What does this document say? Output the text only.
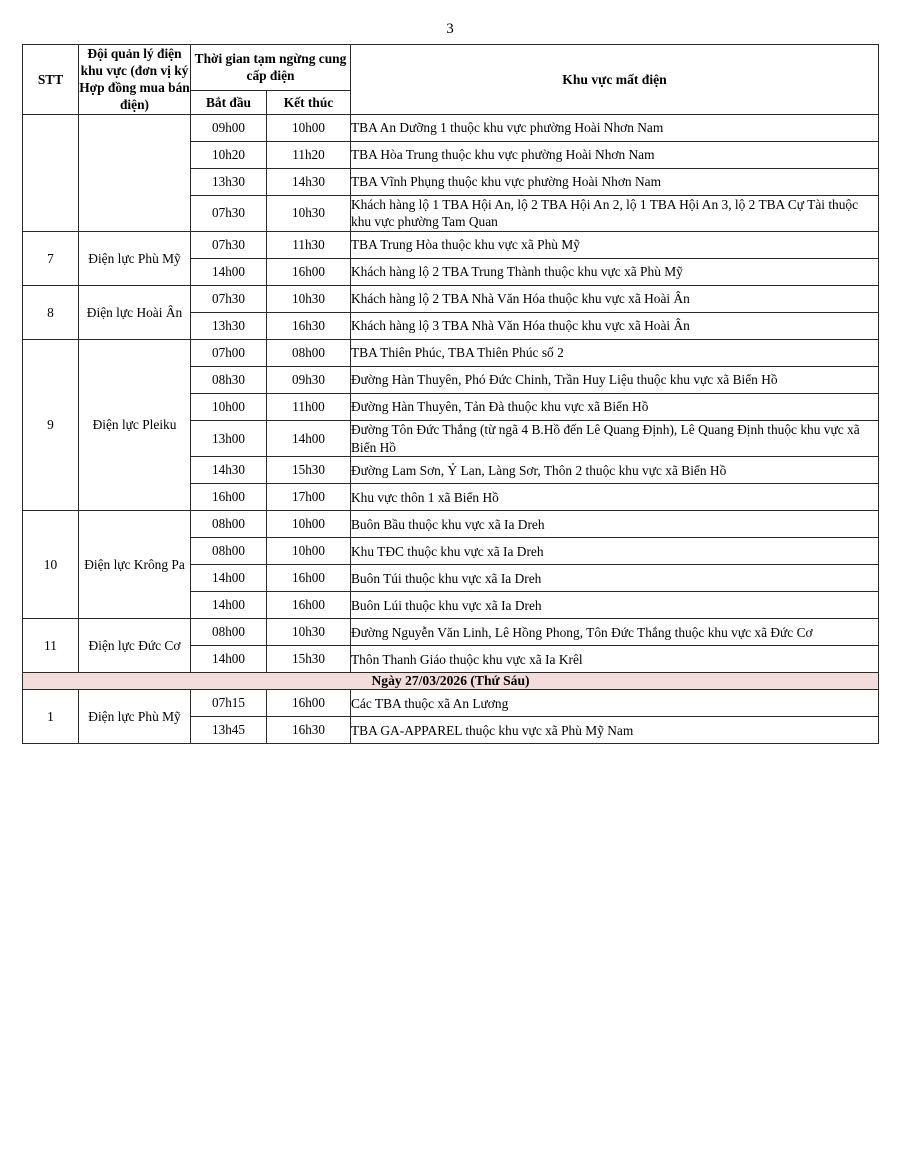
3
STT	Đội quản lý điện khu vực (đơn vị ký Hợp đồng mua bán điện)	Thời gian tạm ngừng cung cấp điện		Khu vực mất điện
		Bắt đầu	Kết thúc	
		09h00	10h00	TBA An Dưỡng 1 thuộc khu vực phường Hoài Nhơn Nam
		10h20	11h20	TBA Hòa Trung thuộc khu vực phường Hoài Nhơn Nam
		13h30	14h30	TBA Vĩnh Phụng thuộc khu vực phường Hoài Nhơn Nam
		07h30	10h30	Khách hàng lộ 1 TBA Hội An, lộ 2 TBA Hội An 2, lộ 1 TBA Hội An 3, lộ 2 TBA Cự Tài thuộc khu vực phường Tam Quan
7	Điện lực Phù Mỹ	07h30	11h30	TBA Trung Hòa thuộc khu vực xã Phù Mỹ
		14h00	16h00	Khách hàng lộ 2 TBA Trung Thành thuộc khu vực xã Phù Mỹ
8	Điện lực Hoài Ân	07h30	10h30	Khách hàng lộ 2 TBA Nhà Văn Hóa thuộc khu vực xã Hoài Ân
		13h30	16h30	Khách hàng lộ 3 TBA Nhà Văn Hóa thuộc khu vực xã Hoài Ân
9	Điện lực Pleiku	07h00	08h00	TBA Thiên Phúc, TBA Thiên Phúc số 2
		08h30	09h30	Đường Hàn Thuyên, Phó Đức Chinh, Trần Huy Liệu thuộc khu vực xã Biển Hồ
		10h00	11h00	Đường Hàn Thuyên, Tản Đà thuộc khu vực xã Biển Hồ
		13h00	14h00	Đường Tôn Đức Thắng (từ ngã 4 B.Hồ đến Lê Quang Định), Lê Quang Định thuộc khu vực xã Biển Hồ
		14h30	15h30	Đường Lam Sơn, Ỷ Lan, Làng Sơr, Thôn 2 thuộc khu vực xã Biển Hồ
		16h00	17h00	Khu vực thôn 1 xã Biển Hồ
10	Điện lực Krông Pa	08h00	10h00	Buôn Bầu thuộc khu vực xã Ia Dreh
		08h00	10h00	Khu TĐC thuộc khu vực xã Ia Dreh
		14h00	16h00	Buôn Túi thuộc khu vực xã Ia Dreh
		14h00	16h00	Buôn Lúi thuộc khu vực xã Ia Dreh
11	Điện lực Đức Cơ	08h00	10h30	Đường Nguyễn Văn Linh, Lê Hồng Phong, Tôn Đức Thắng thuộc khu vực xã Đức Cơ
		14h00	15h30	Thôn Thanh Giáo thuộc khu vực xã Ia Krêl
Ngày 27/03/2026 (Thứ Sáu)				
1	Điện lực Phù Mỹ	07h15	16h00	Các TBA thuộc xã An Lương
		13h45	16h30	TBA GA-APPAREL thuộc khu vực xã Phù Mỹ Nam
